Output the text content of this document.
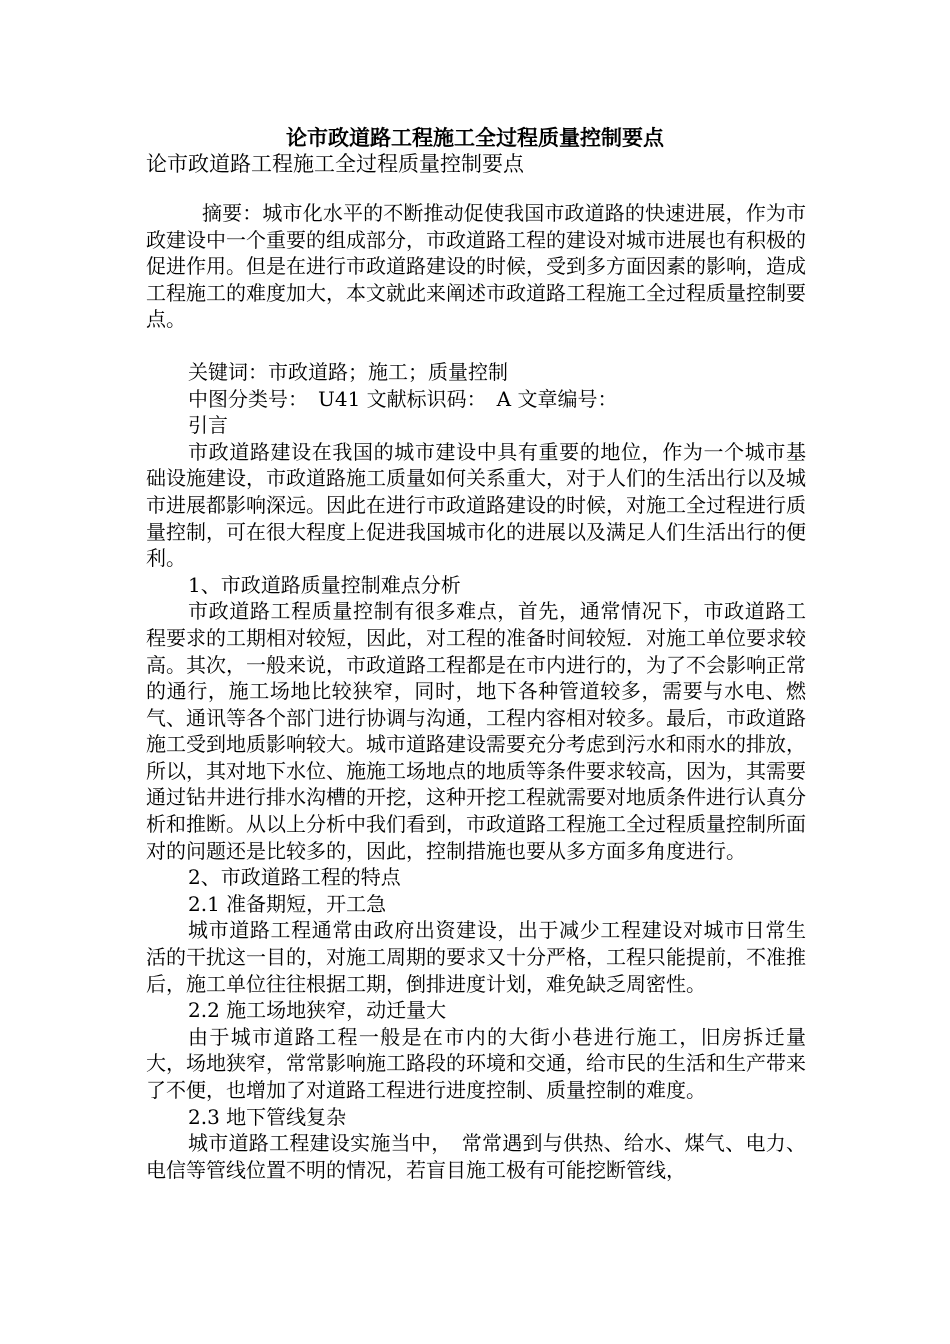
论市政道路工程施工全过程质量控制要点
论市政道路工程施工全过程质量控制要点

摘要：城市化水平的不断推动促使我国市政道路的快速进展，作为市政建设中一个重要的组成部分，市政道路工程的建设对城市进展也有积极的促进作用。但是在进行市政道路建设的时候，受到多方面因素的影响，造成工程施工的难度加大，本文就此来阐述市政道路工程施工全过程质量控制要点。

关键词：市政道路；施工；质量控制

中图分类号：　U41 文献标识码：　A 文章编号：

引言

市政道路建设在我国的城市建设中具有重要的地位，作为一个城市基础设施建设，市政道路施工质量如何关系重大，对于人们的生活出行以及城市进展都影响深远。因此在进行市政道路建设的时候，对施工全过程进行质量控制，可在很大程度上促进我国城市化的进展以及满足人们生活出行的便利。

1、市政道路质量控制难点分析

市政道路工程质量控制有很多难点，首先，通常情况下，市政道路工程要求的工期相对较短，因此，对工程的准备时间较短．对施工单位要求较高。其次，一般来说，市政道路工程都是在市内进行的，为了不会影响正常的通行，施工场地比较狭窄，同时，地下各种管道较多，需要与水电、燃气、通讯等各个部门进行协调与沟通，工程内容相对较多。最后，市政道路施工受到地质影响较大。城市道路建设需要充分考虑到污水和雨水的排放，所以，其对地下水位、施施工场地点的地质等条件要求较高，因为，其需要通过钻井进行排水沟槽的开挖，这种开挖工程就需要对地质条件进行认真分析和推断。从以上分析中我们看到，市政道路工程施工全过程质量控制所面对的问题还是比较多的，因此，控制措施也要从多方面多角度进行。

2、市政道路工程的特点

2.1 准备期短，开工急

城市道路工程通常由政府出资建设，出于减少工程建设对城市日常生活的干扰这一目的，对施工周期的要求又十分严格，工程只能提前，不准推后，施工单位往往根据工期，倒排进度计划，难免缺乏周密性。

2.2 施工场地狭窄，动迁量大

由于城市道路工程一般是在市内的大街小巷进行施工，旧房拆迁量大，场地狭窄，常常影响施工路段的环境和交通，给市民的生活和生产带来了不便，也增加了对道路工程进行进度控制、质量控制的难度。

2.3 地下管线复杂

城市道路工程建设实施当中，　常常遇到与供热、给水、煤气、电力、电信等管线位置不明的情况，若盲目施工极有可能挖断管线，
